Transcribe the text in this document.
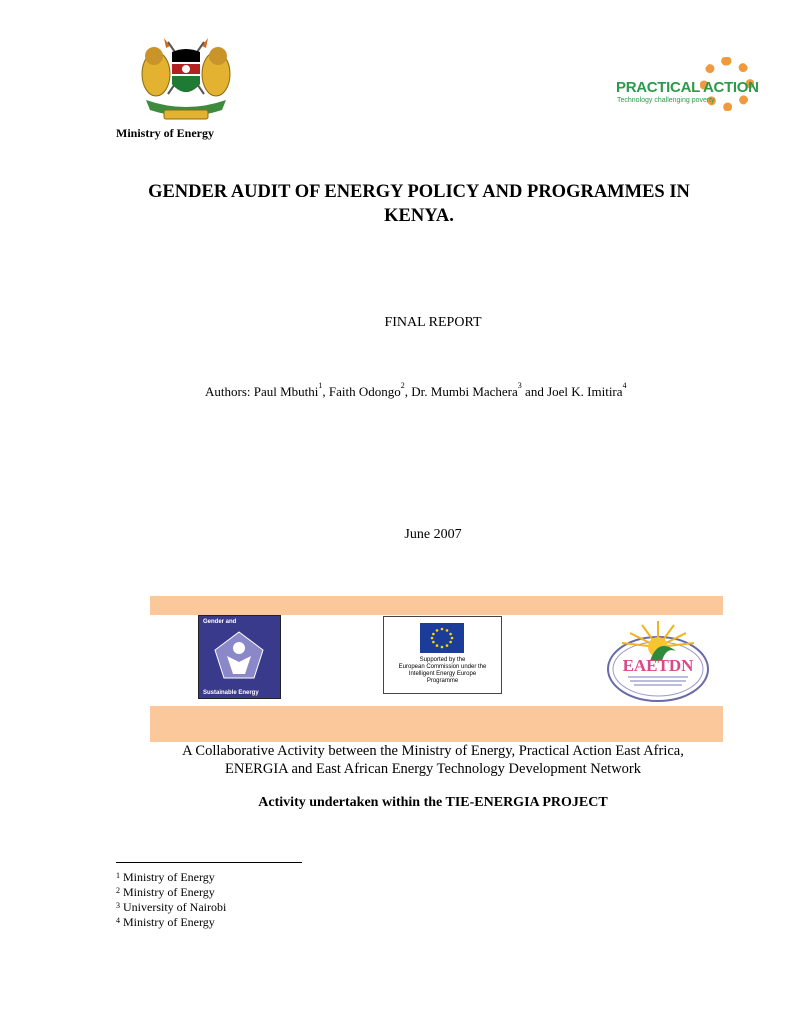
Ministry of Energy
PRACTICAL ACTION
Technology challenging poverty
GENDER AUDIT OF ENERGY POLICY AND PROGRAMMES IN
KENYA.
FINAL REPORT
Authors: Paul Mbuthi$^1$, Faith Odongo$^2$, Dr. Mumbi Machera$^3$ and Joel K. Imitira$^4$
June 2007
Gender and
Sustainable Energy
Supported by the
European Commission under the
Intelligent Energy Europe
Programme
EAETDN
A Collaborative Activity between the Ministry of Energy, Practical Action East Africa,
ENERGIA and East African Energy Technology Development Network
Activity undertaken within the TIE-ENERGIA PROJECT
$^1$ Ministry of Energy
$^2$ Ministry of Energy
$^3$ University of Nairobi
$^4$ Ministry of Energy
